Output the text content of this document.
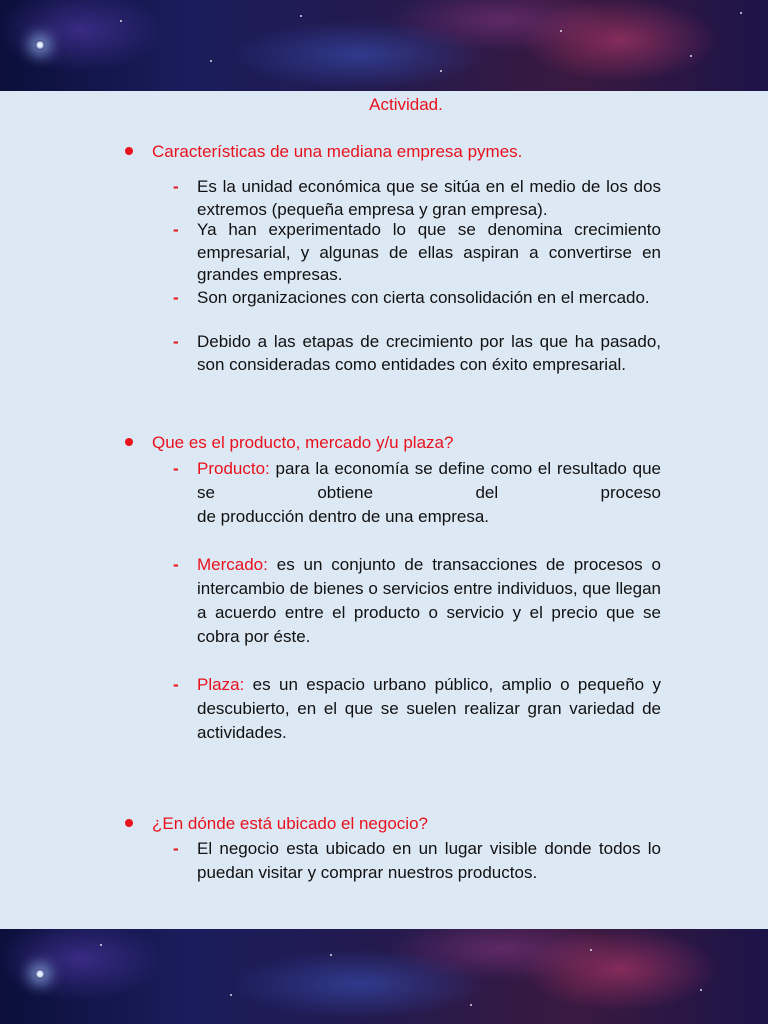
Actividad.
Características de una mediana empresa pymes.
- Es la unidad económica que se sitúa en el medio de los dos extremos (pequeña empresa y gran empresa).
- Ya han experimentado lo que se denomina crecimiento empresarial, y algunas de ellas aspiran a convertirse en grandes empresas.
- Son organizaciones con cierta consolidación en el mercado.
- Debido a las etapas de crecimiento por las que ha pasado, son consideradas como entidades con éxito empresarial.
Que es el producto, mercado y/u plaza?
- Producto: para la economía se define como el resultado que se obtiene del proceso
de producción dentro de una empresa.
- Mercado: es un conjunto de transacciones de procesos o intercambio de bienes o servicios entre individuos, que llegan a acuerdo entre el producto o servicio y el precio que se cobra por éste.
- Plaza: es un espacio urbano público, amplio o pequeño y descubierto, en el que se suelen realizar gran variedad de actividades.
¿En dónde está ubicado el negocio?
- El negocio esta ubicado en un lugar visible donde todos lo puedan visitar y comprar nuestros productos.
